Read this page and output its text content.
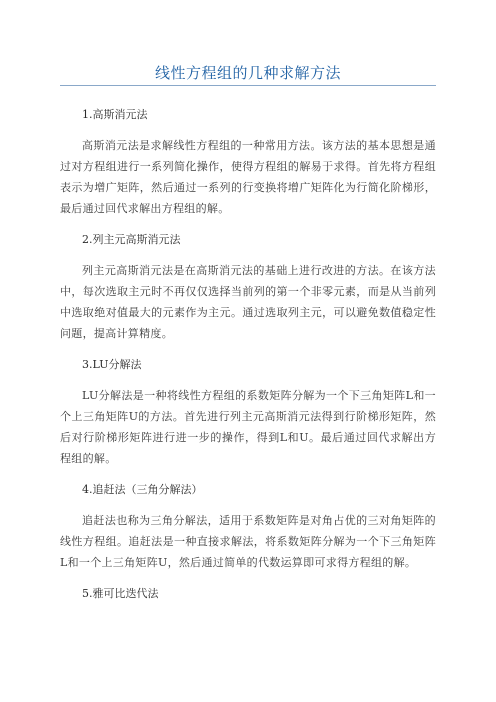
线性方程组的几种求解方法

1.高斯消元法

高斯消元法是求解线性方程组的一种常用方法。该方法的基本思想是通过对方程组进行一系列简化操作，使得方程组的解易于求得。首先将方程组表示为增广矩阵，然后通过一系列的行变换将增广矩阵化为行简化阶梯形，最后通过回代求解出方程组的解。

2.列主元高斯消元法

列主元高斯消元法是在高斯消元法的基础上进行改进的方法。在该方法中，每次选取主元时不再仅仅选择当前列的第一个非零元素，而是从当前列中选取绝对值最大的元素作为主元。通过选取列主元，可以避免数值稳定性问题，提高计算精度。

3.LU分解法

LU分解法是一种将线性方程组的系数矩阵分解为一个下三角矩阵L和一个上三角矩阵U的方法。首先进行列主元高斯消元法得到行阶梯形矩阵，然后对行阶梯形矩阵进行进一步的操作，得到L和U。最后通过回代求解出方程组的解。

4.追赶法（三角分解法）

追赶法也称为三角分解法，适用于系数矩阵是对角占优的三对角矩阵的线性方程组。追赶法是一种直接求解法，将系数矩阵分解为一个下三角矩阵L和一个上三角矩阵U，然后通过简单的代数运算即可求得方程组的解。

5.雅可比迭代法
